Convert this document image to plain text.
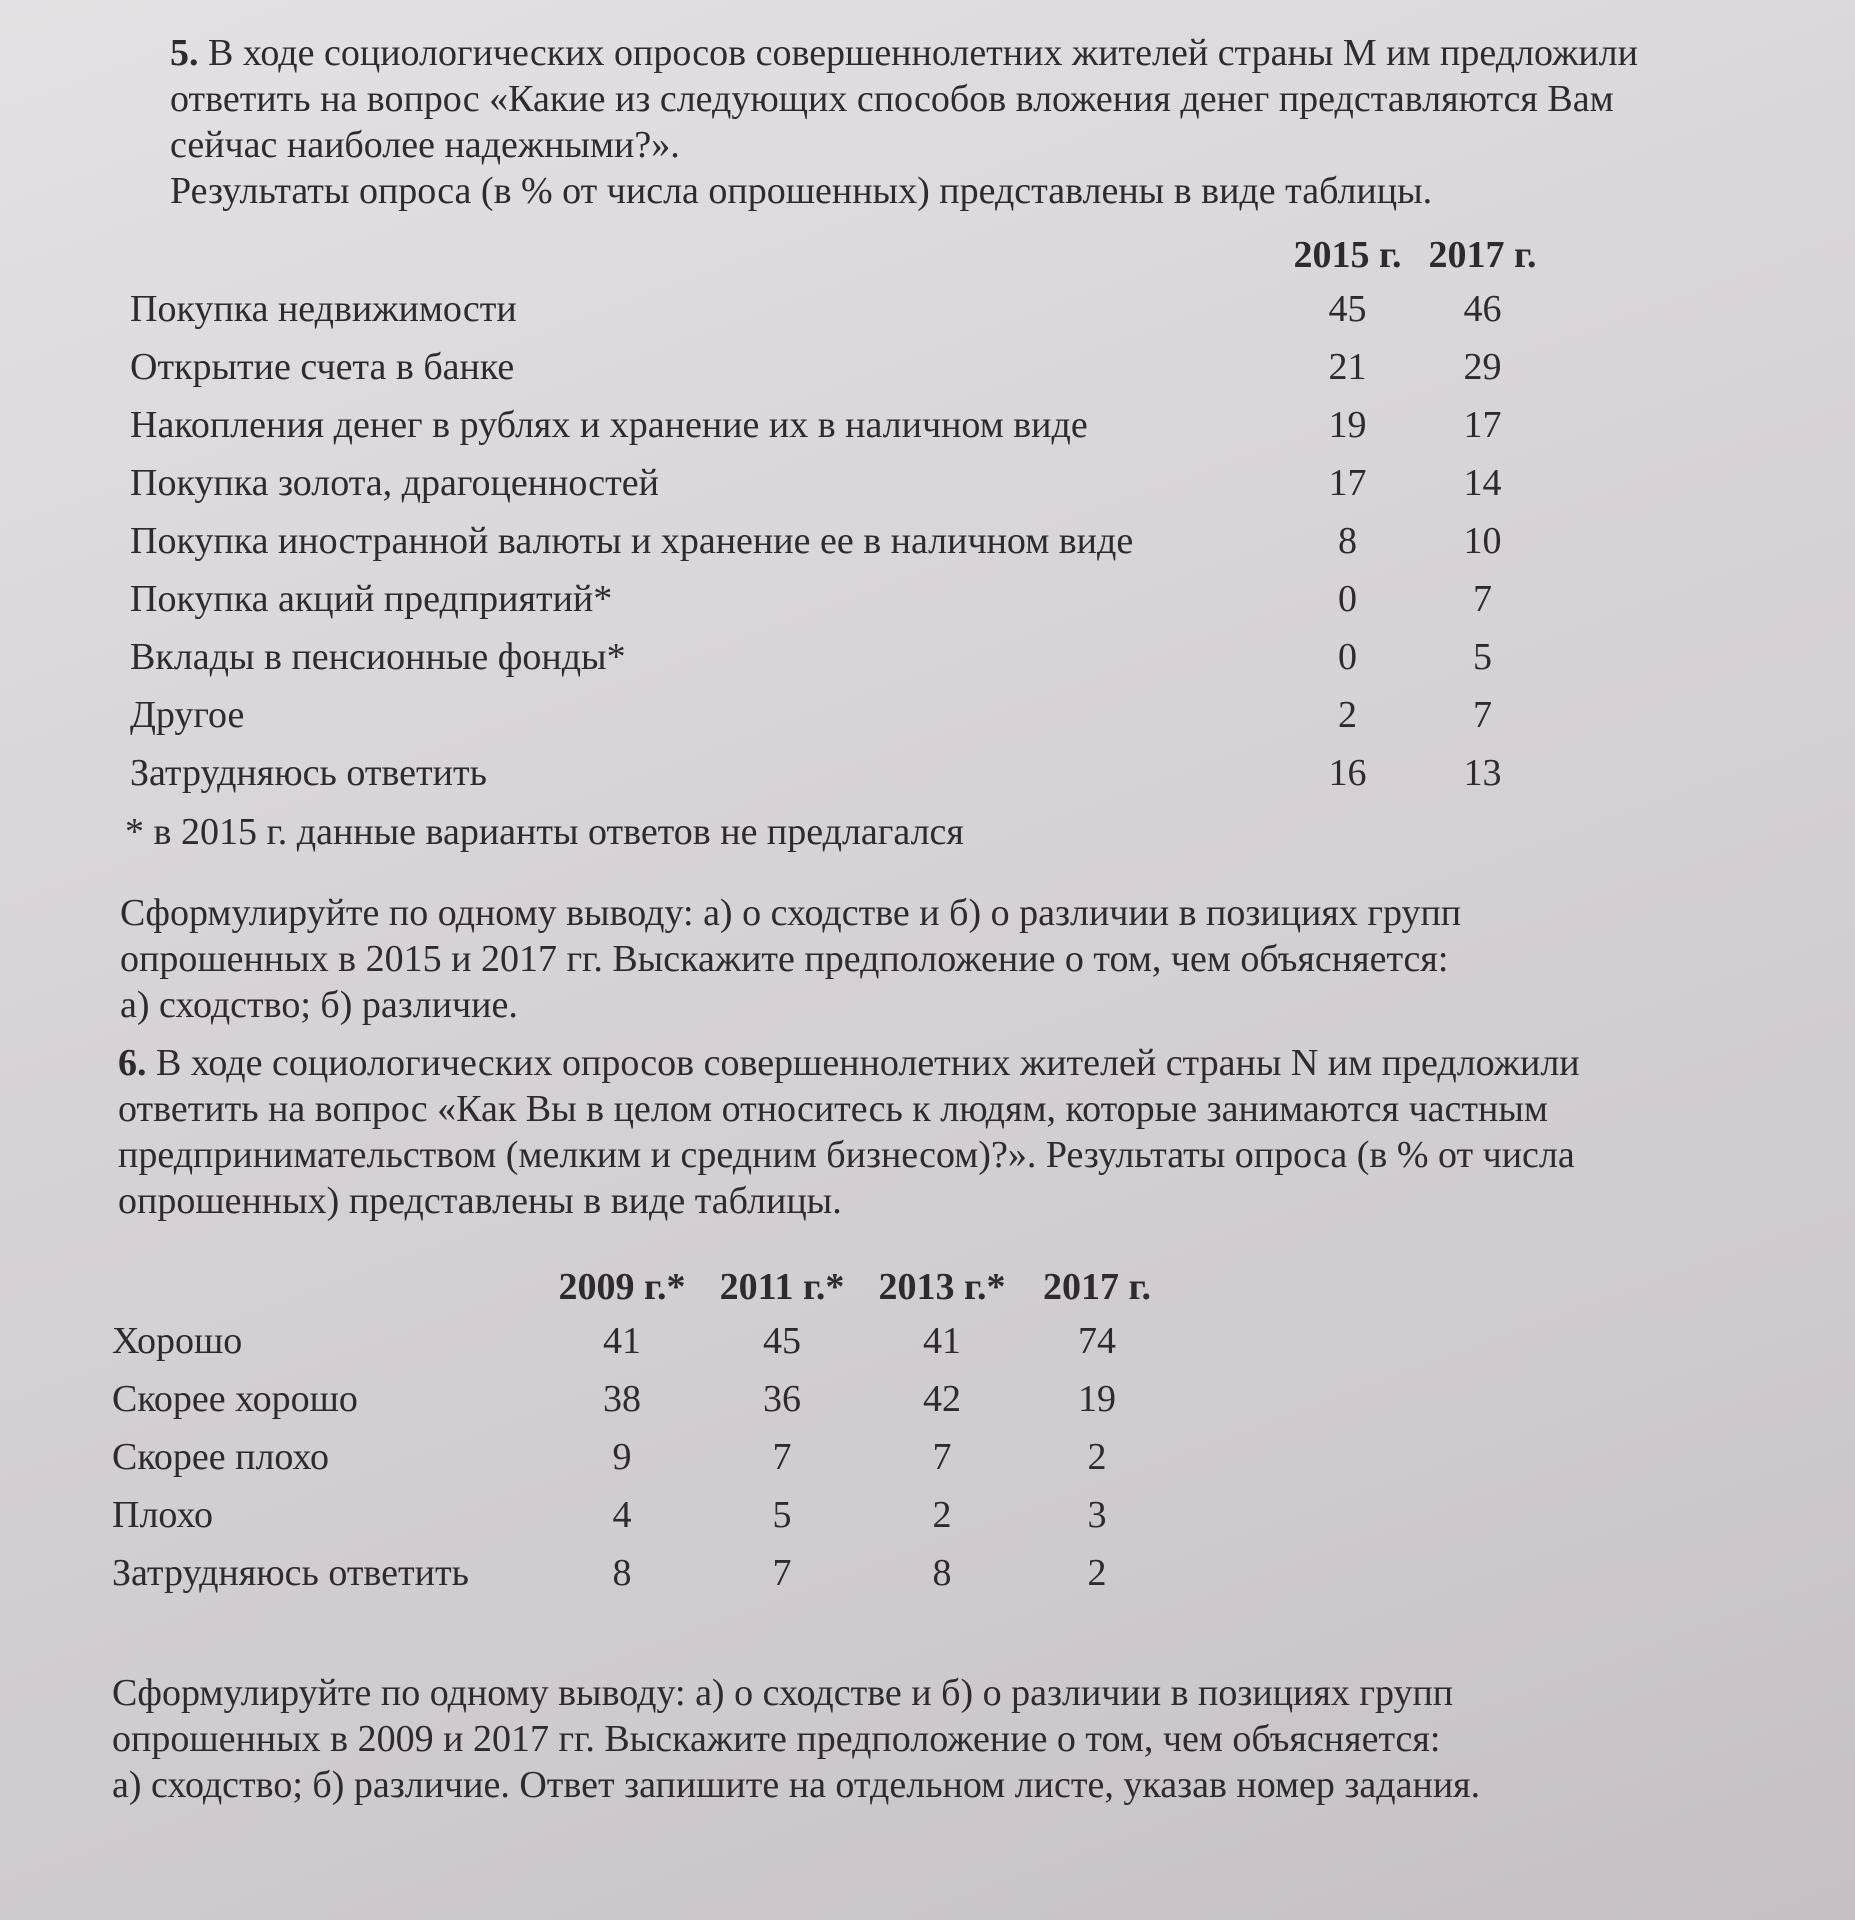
5. В ходе социологических опросов совершеннолетних жителей страны М им предложили

ответить на вопрос «Какие из следующих способов вложения денег представляются Вам

сейчас наиболее надежными?».

Результаты опроса (в % от числа опрошенных) представлены в виде таблицы.

	2015 г.	2017 г.
Покупка недвижимости	45	46
Открытие счета в банке	21	29
Накопления денег в рублях и хранение их в наличном виде	19	17
Покупка золота, драгоценностей	17	14
Покупка иностранной валюты и хранение ее в наличном виде	8	10
Покупка акций предприятий*	0	7
Вклады в пенсионные фонды*	0	5
Другое	2	7
Затрудняюсь ответить	16	13
* в 2015 г. данные варианты ответов не предлагался

Сформулируйте по одному выводу: а) о сходстве и б) о различии в позициях групп

опрошенных в 2015 и 2017 гг. Выскажите предположение о том, чем объясняется:

а) сходство; б) различие.

6. В ходе социологических опросов совершеннолетних жителей страны N им предложили

ответить на вопрос «Как Вы в целом относитесь к людям, которые занимаются частным

предпринимательством (мелким и средним бизнесом)?». Результаты опроса (в % от числа

опрошенных) представлены в виде таблицы.

	2009 г.*	2011 г.*	2013 г.*	2017 г.
Хорошо	41	45	41	74
Скорее хорошо	38	36	42	19
Скорее плохо	9	7	7	2
Плохо	4	5	2	3
Затрудняюсь ответить	8	7	8	2

Сформулируйте по одному выводу: а) о сходстве и б) о различии в позициях групп

опрошенных в 2009 и 2017 гг. Выскажите предположение о том, чем объясняется:

а) сходство; б) различие. Ответ запишите на отдельном листе, указав номер задания.
